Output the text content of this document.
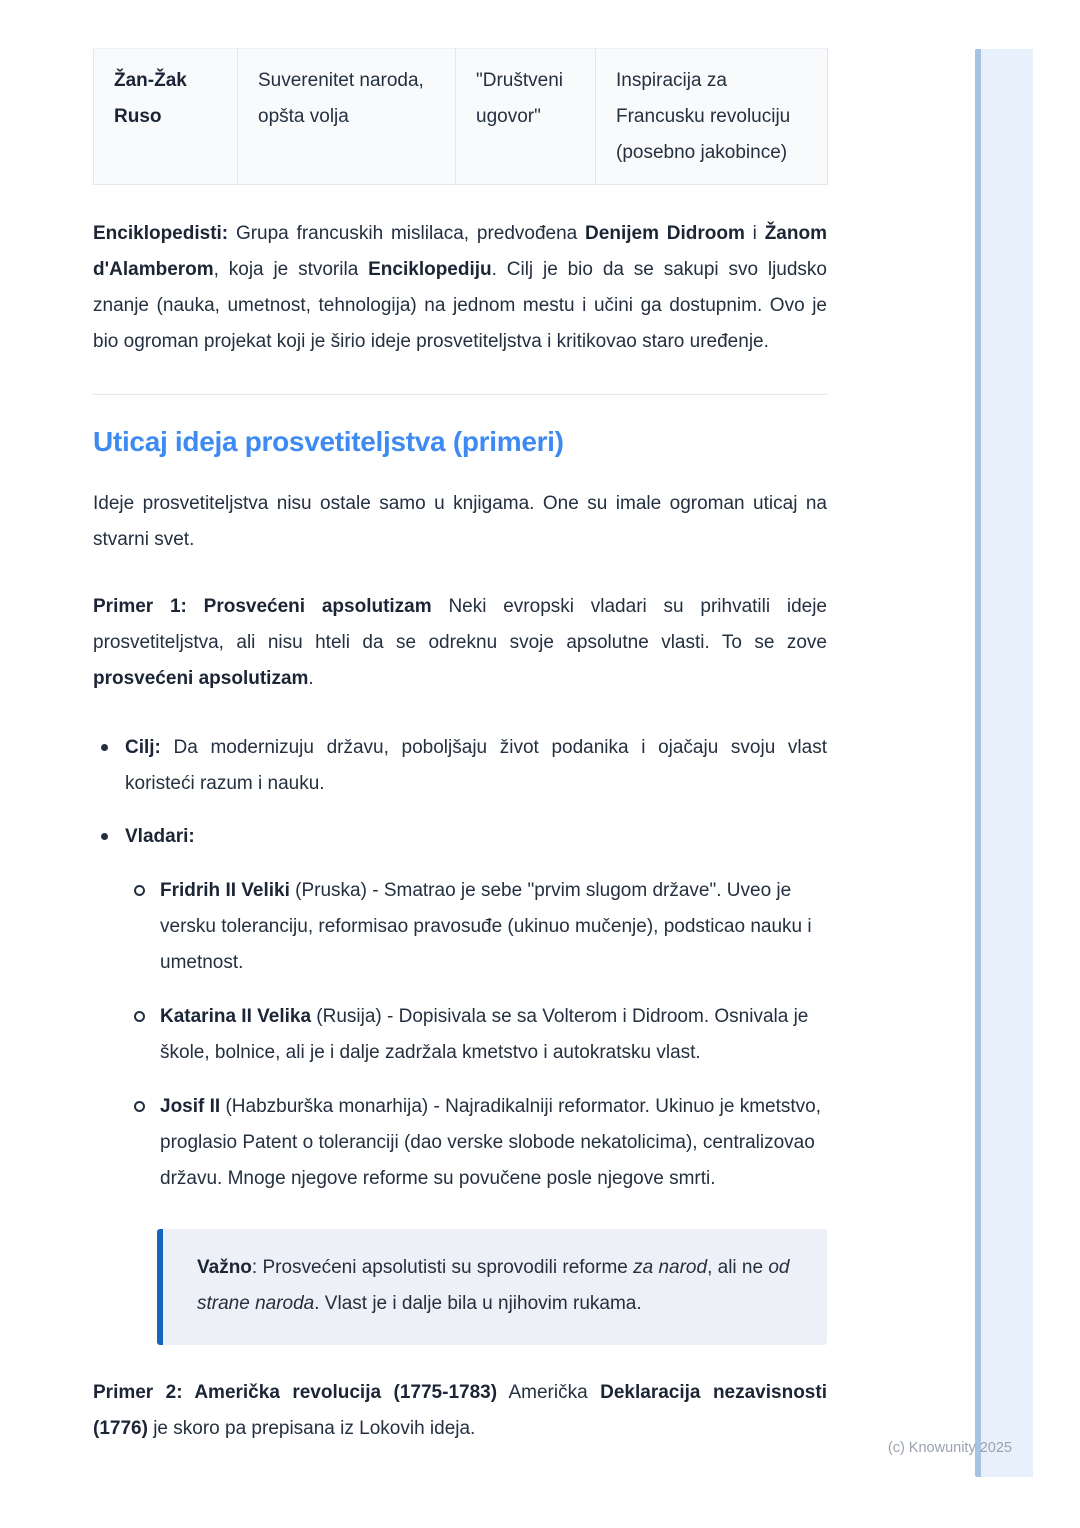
Žan-Žak Ruso	Suverenitet naroda, opšta volja	"Društveni ugovor"	Inspiracija za Francusku revoluciju (posebno jakobince)

Enciklopedisti: Grupa francuskih mislilaca, predvođena Denijem Didroom i Žanom d'Alamberom, koja je stvorila Enciklopediju. Cilj je bio da se sakupi svo ljudsko znanje (nauka, umetnost, tehnologija) na jednom mestu i učini ga dostupnim. Ovo je bio ogroman projekat koji je širio ideje prosvetiteljstva i kritikovao staro uređenje.

Uticaj ideja prosvetiteljstva (primeri)

Ideje prosvetiteljstva nisu ostale samo u knjigama. One su imale ogroman uticaj na stvarni svet.

Primer 1: Prosvećeni apsolutizam Neki evropski vladari su prihvatili ideje prosvetiteljstva, ali nisu hteli da se odreknu svoje apsolutne vlasti. To se zove prosvećeni apsolutizam.

Cilj: Da modernizuju državu, poboljšaju život podanika i ojačaju svoju vlast koristeći razum i nauku.
Vladari:
Fridrih II Veliki (Pruska) - Smatrao je sebe "prvim slugom države". Uveo je versku toleranciju, reformisao pravosuđe (ukinuo mučenje), podsticao nauku i umetnost.
Katarina II Velika (Rusija) - Dopisivala se sa Volterom i Didroom. Osnivala je škole, bolnice, ali je i dalje zadržala kmetstvo i autokratsku vlast.
Josif II (Habzburška monarhija) - Najradikalniji reformator. Ukinuo je kmetstvo, proglasio Patent o toleranciji (dao verske slobode nekatolicima), centralizovao državu. Mnoge njegove reforme su povučene posle njegove smrti.

Važno: Prosvećeni apsolutisti su sprovodili reforme za narod, ali ne od strane naroda. Vlast je i dalje bila u njihovim rukama.

Primer 2: Američka revolucija (1775-1783) Američka Deklaracija nezavisnosti (1776) je skoro pa prepisana iz Lokovih ideja.

(c) Knowunity 2025
